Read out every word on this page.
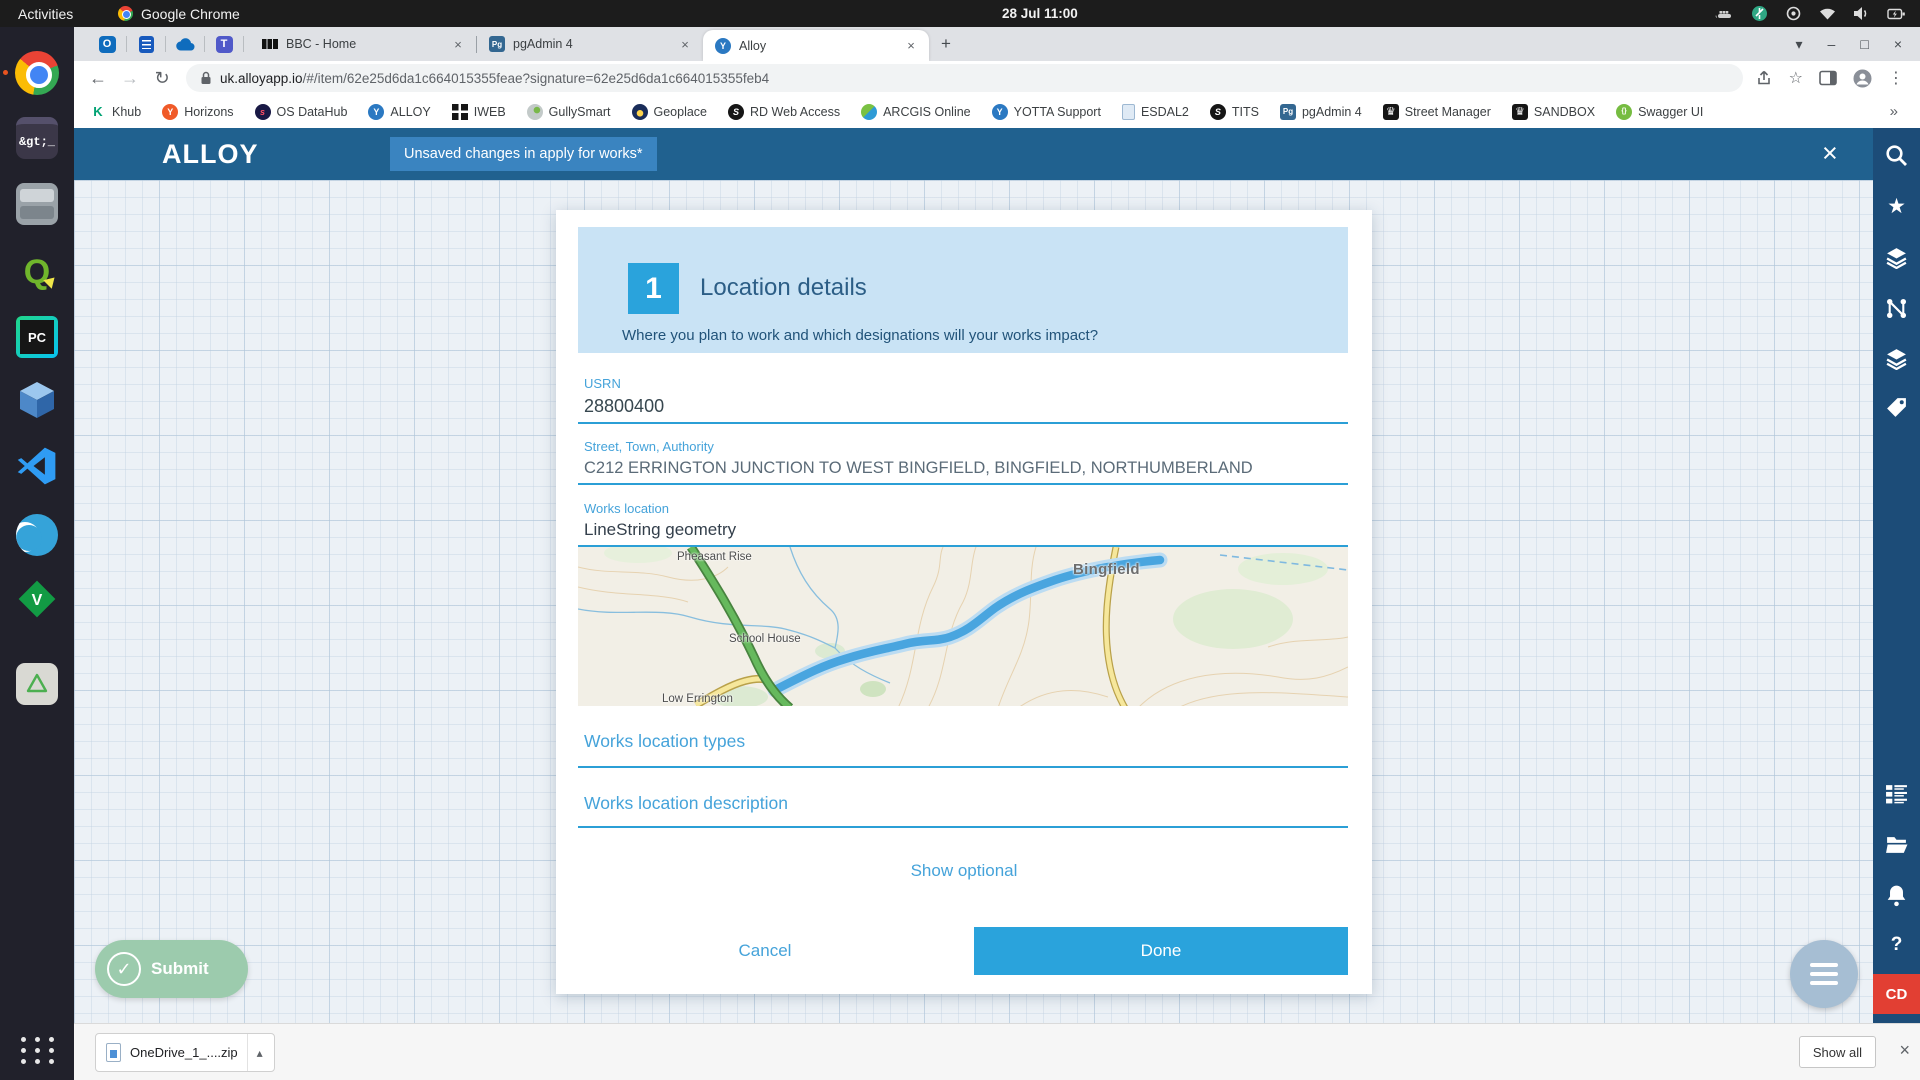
Activities	Google Chrome	28 Jul 11:00
&gt;_
Q
PC
V
O	T	BBC - Home	×	Pg pgAdmin 4	×	Y	Alloy	× +	▾ – □ ×
← → ↻	uk.alloyapp.io/#/item/62e25d6da1c664015355feae?signature=62e25d6da1c664015355feb4	☆	⋮
K Khub	Y Horizons	s OS DataHub	Y ALLOY	IWEB	GullySmart	Geoplace	S RD Web Access	ARCGIS Online	Y YOTTA Support	ESDAL2	S TITS	Pg pgAdmin 4 ♛ Street Manager ♛ SANDBOX	{} Swagger UI	»
ALLOY	Unsaved changes in apply for works*	×
1	Location details
Where you plan to work and which designations will your works impact?
USRN
28800400
Street, Town, Authority
C212 ERRINGTON JUNCTION TO WEST BINGFIELD, BINGFIELD, NORTHUMBERLAND
Works location
LineString geometry
Pheasant Rise
School House
Low Errington
Bingfield
Works location types
Works location description
Show optional
Cancel	Done
✓	Submit
★
?
CD
OneDrive_1_....zip	▴	Show all	×
